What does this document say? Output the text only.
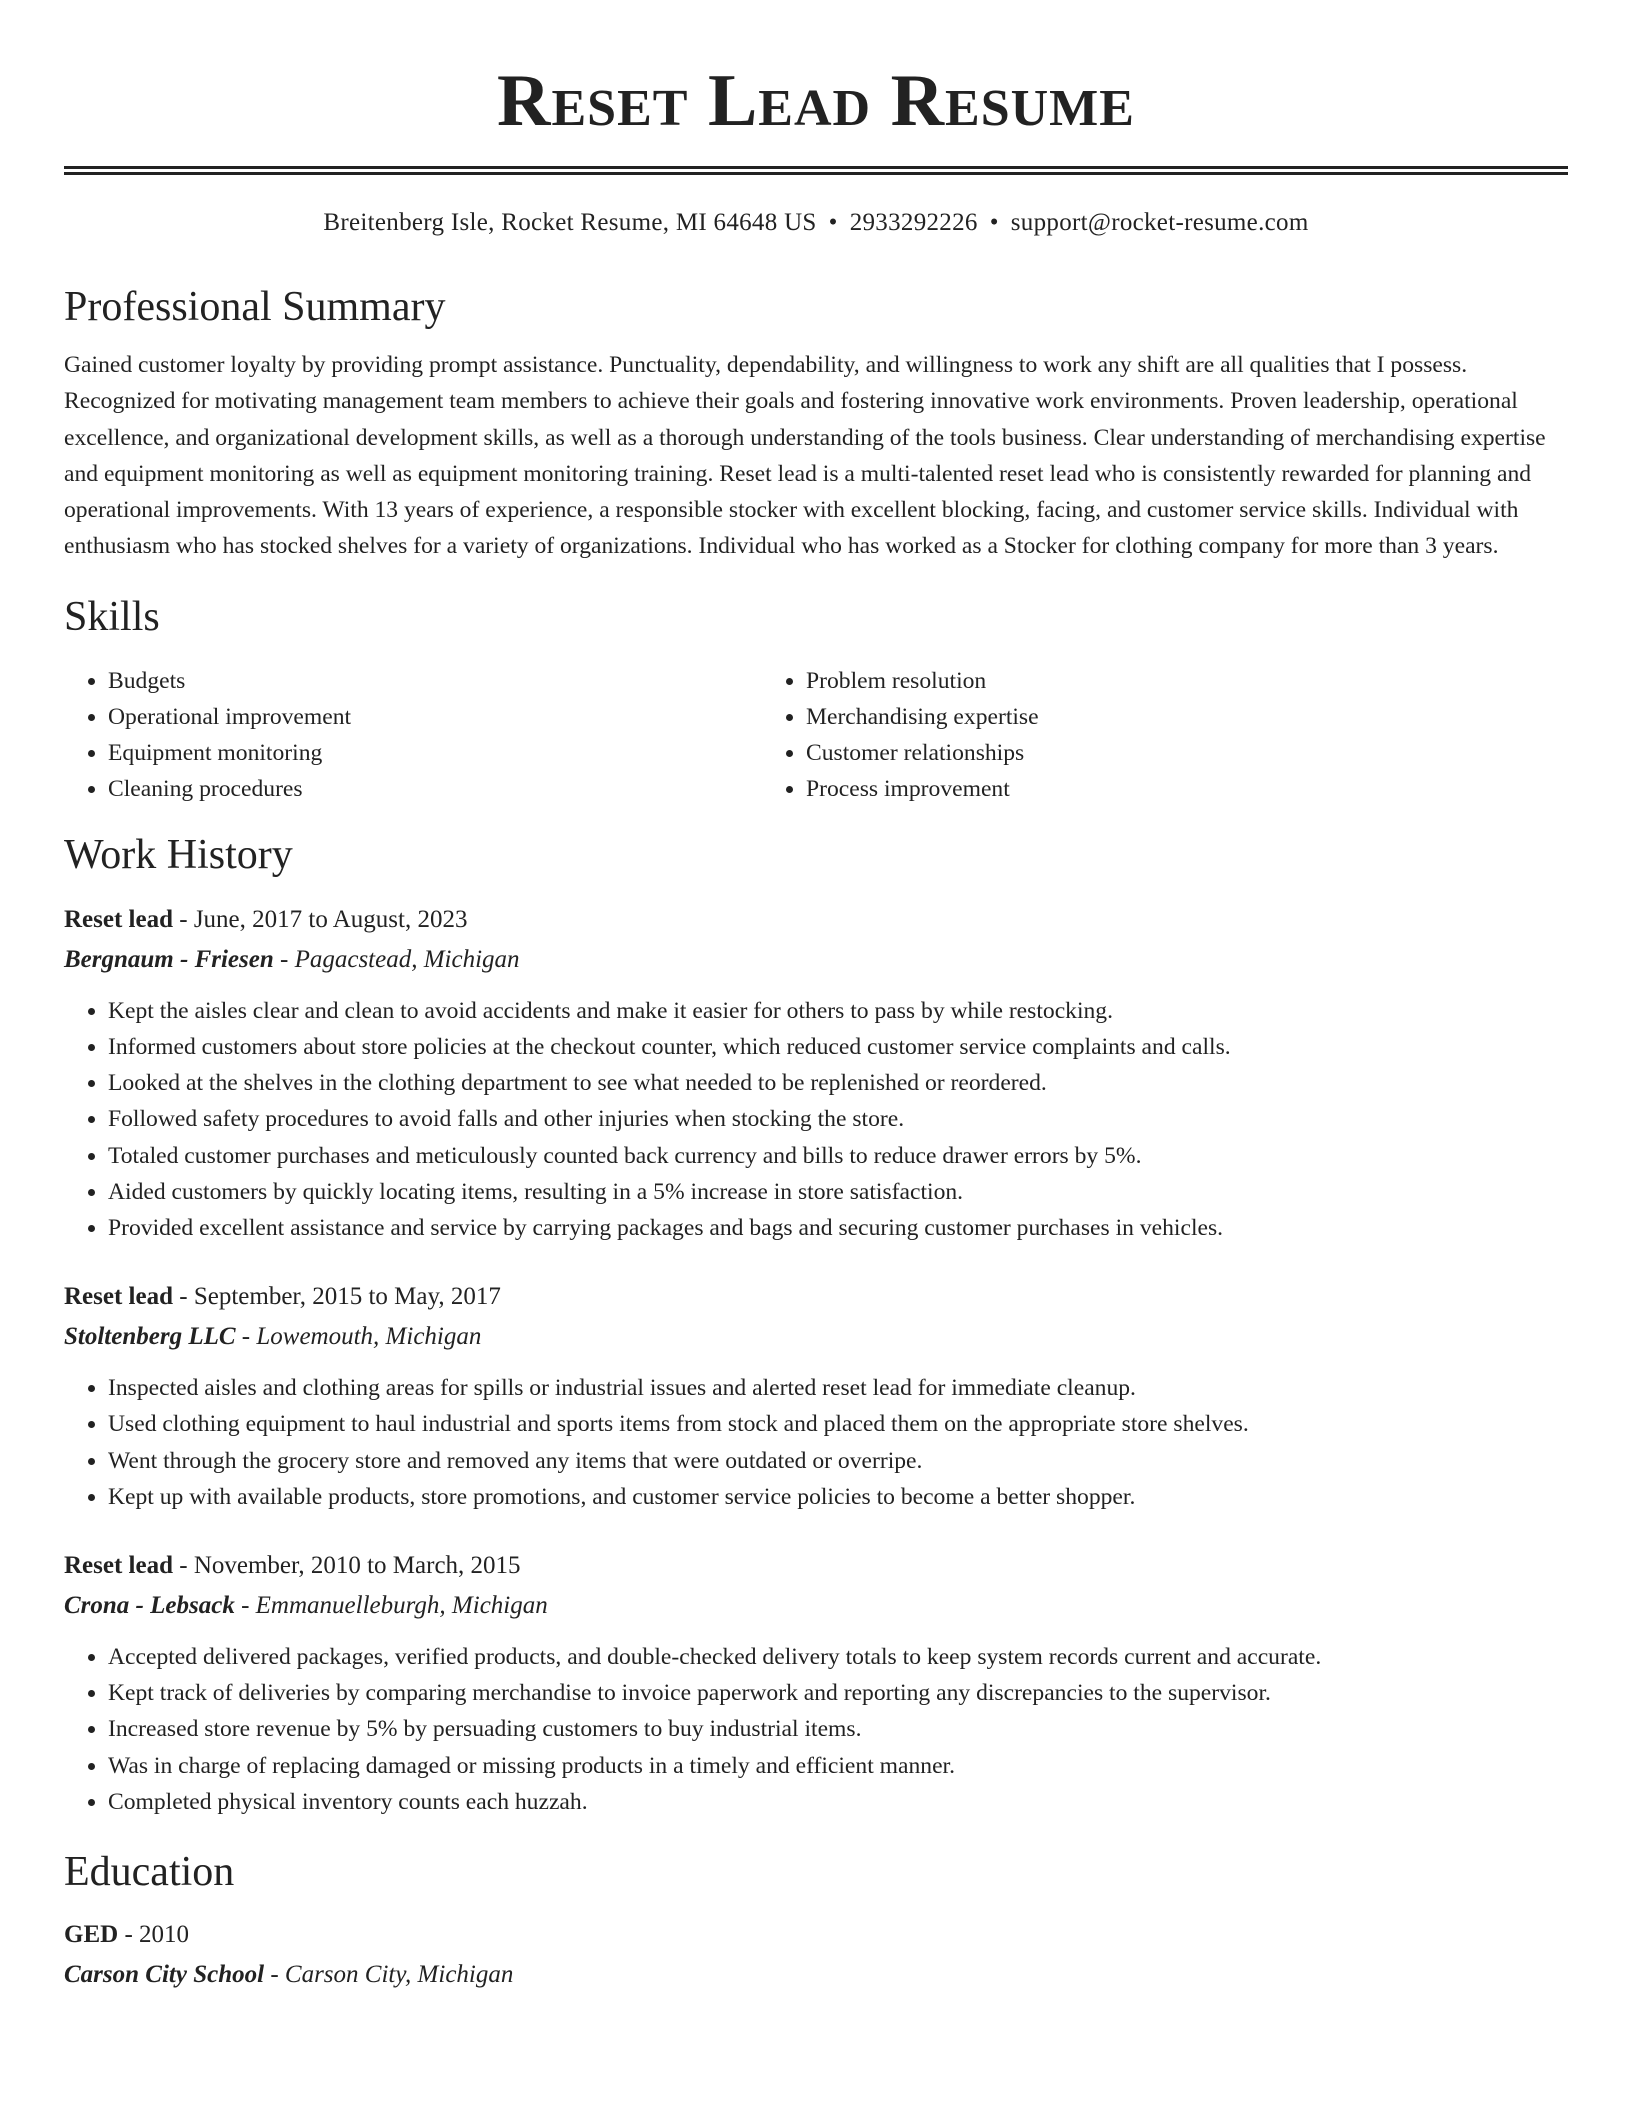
Reset Lead Resume
Breitenberg Isle, Rocket Resume, MI 64648 US • 2933292226 • support@rocket-resume.com
Professional Summary

Gained customer loyalty by providing prompt assistance. Punctuality, dependability, and willingness to work any shift are all qualities that I possess. Recognized for motivating management team members to achieve their goals and fostering innovative work environments. Proven leadership, operational excellence, and organizational development skills, as well as a thorough understanding of the tools business. Clear understanding of merchandising expertise and equipment monitoring as well as equipment monitoring training. Reset lead is a multi-talented reset lead who is consistently rewarded for planning and operational improvements. With 13 years of experience, a responsible stocker with excellent blocking, facing, and customer service skills. Individual with enthusiasm who has stocked shelves for a variety of organizations. Individual who has worked as a Stocker for clothing company for more than 3 years.

Skills
• Budgets
• Operational improvement
• Equipment monitoring
• Cleaning procedures
• Problem resolution
• Merchandising expertise
• Customer relationships
• Process improvement
Work History
Reset lead - June, 2017 to August, 2023
Bergnaum - Friesen - Pagacstead, Michigan
• Kept the aisles clear and clean to avoid accidents and make it easier for others to pass by while restocking.
• Informed customers about store policies at the checkout counter, which reduced customer service complaints and calls.
• Looked at the shelves in the clothing department to see what needed to be replenished or reordered.
• Followed safety procedures to avoid falls and other injuries when stocking the store.
• Totaled customer purchases and meticulously counted back currency and bills to reduce drawer errors by 5%.
• Aided customers by quickly locating items, resulting in a 5% increase in store satisfaction.
• Provided excellent assistance and service by carrying packages and bags and securing customer purchases in vehicles.
Reset lead - September, 2015 to May, 2017
Stoltenberg LLC - Lowemouth, Michigan
• Inspected aisles and clothing areas for spills or industrial issues and alerted reset lead for immediate cleanup.
• Used clothing equipment to haul industrial and sports items from stock and placed them on the appropriate store shelves.
• Went through the grocery store and removed any items that were outdated or overripe.
• Kept up with available products, store promotions, and customer service policies to become a better shopper.
Reset lead - November, 2010 to March, 2015
Crona - Lebsack - Emmanuelleburgh, Michigan
• Accepted delivered packages, verified products, and double-checked delivery totals to keep system records current and accurate.
• Kept track of deliveries by comparing merchandise to invoice paperwork and reporting any discrepancies to the supervisor.
• Increased store revenue by 5% by persuading customers to buy industrial items.
• Was in charge of replacing damaged or missing products in a timely and efficient manner.
• Completed physical inventory counts each huzzah.
Education
GED - 2010
Carson City School - Carson City, Michigan
